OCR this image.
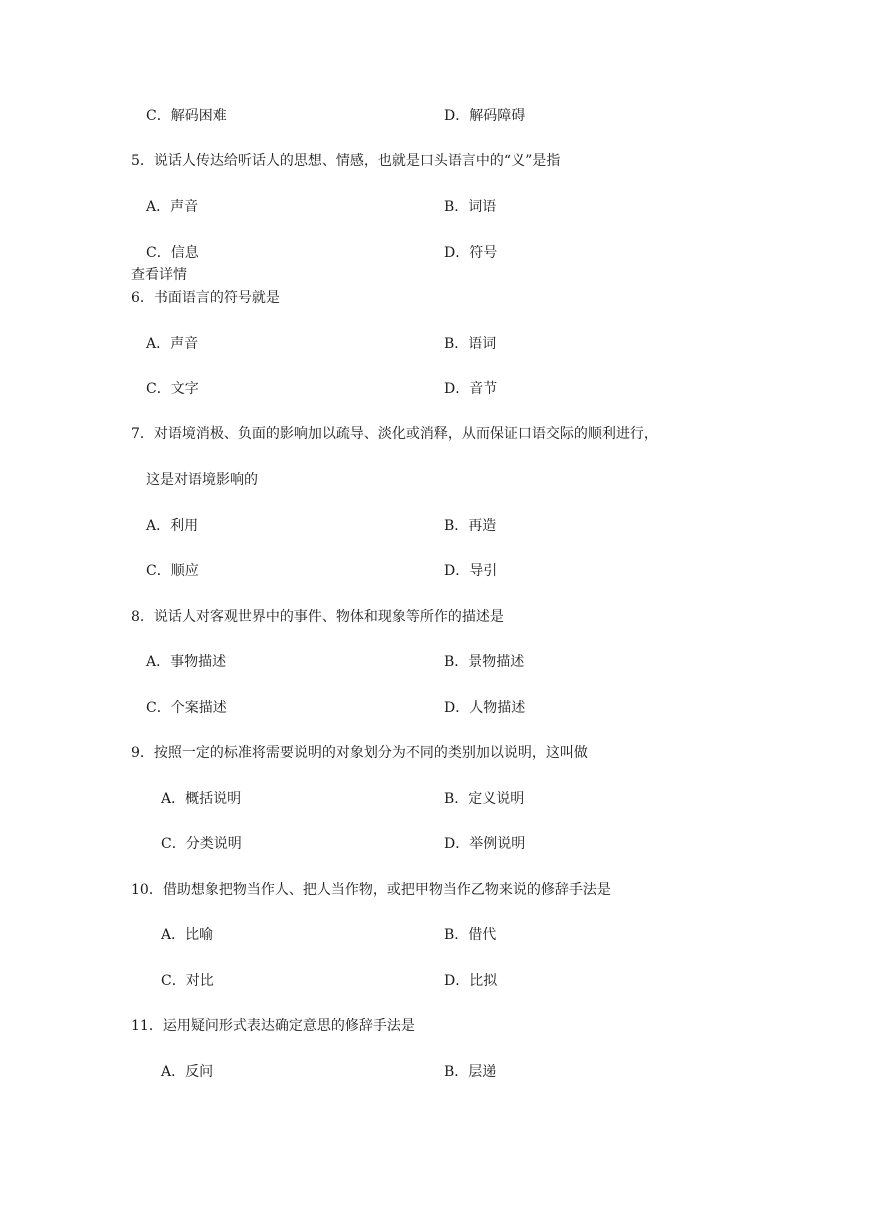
C．解码困难	D．解码障碍
5．说话人传达给听话人的思想、情感，也就是口头语言中的“义”是指
A．声音	B．词语
C．信息	D．符号
查看详情
6．书面语言的符号就是
A．声音	B．语词
C．文字	D．音节
7．对语境消极、负面的影响加以疏导、淡化或消释，从而保证口语交际的顺利进行，
这是对语境影响的
A．利用	B．再造
C．顺应	D．导引
8．说话人对客观世界中的事件、物体和现象等所作的描述是
A．事物描述	B．景物描述
C．个案描述	D．人物描述
9．按照一定的标准将需要说明的对象划分为不同的类别加以说明，这叫做
A．概括说明	B．定义说明
C．分类说明	D．举例说明
10．借助想象把物当作人、把人当作物，或把甲物当作乙物来说的修辞手法是
A．比喻	B．借代
C．对比	D．比拟
11．运用疑问形式表达确定意思的修辞手法是
A．反问	B．层递
